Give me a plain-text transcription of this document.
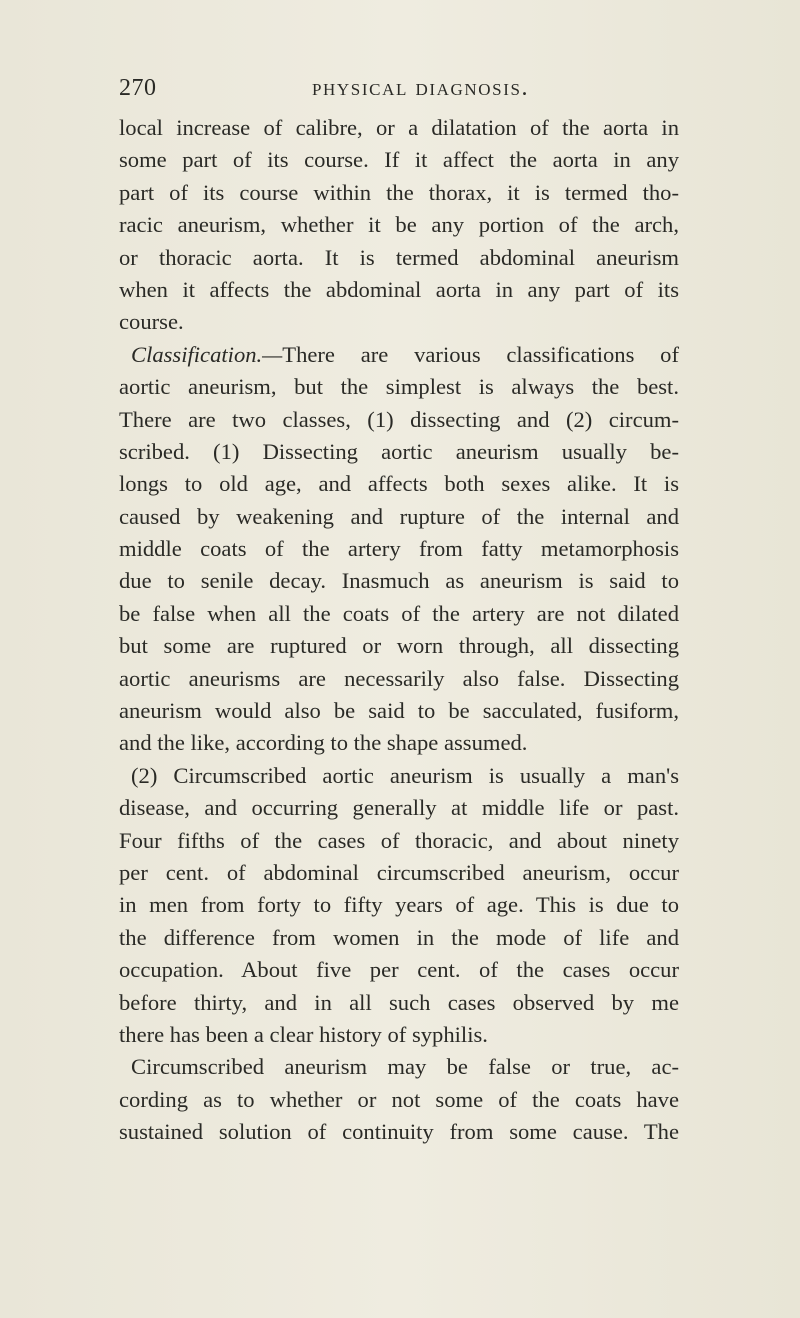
270	physical diagnosis.
local increase of calibre, or a dilatation of the aorta in
some part of its course. If it affect the aorta in any
part of its course within the thorax, it is termed tho-
racic aneurism, whether it be any portion of the arch,
or thoracic aorta. It is termed abdominal aneurism
when it affects the abdominal aorta in any part of its
course.
Classification.—There are various classifications of
aortic aneurism, but the simplest is always the best.
There are two classes, (1) dissecting and (2) circum-
scribed. (1) Dissecting aortic aneurism usually be-
longs to old age, and affects both sexes alike. It is
caused by weakening and rupture of the internal and
middle coats of the artery from fatty metamorphosis
due to senile decay. Inasmuch as aneurism is said to
be false when all the coats of the artery are not dilated
but some are ruptured or worn through, all dissecting
aortic aneurisms are necessarily also false. Dissecting
aneurism would also be said to be sacculated, fusiform,
and the like, according to the shape assumed.
(2) Circumscribed aortic aneurism is usually a man's
disease, and occurring generally at middle life or past.
Four fifths of the cases of thoracic, and about ninety
per cent. of abdominal circumscribed aneurism, occur
in men from forty to fifty years of age. This is due to
the difference from women in the mode of life and
occupation. About five per cent. of the cases occur
before thirty, and in all such cases observed by me
there has been a clear history of syphilis.
Circumscribed aneurism may be false or true, ac-
cording as to whether or not some of the coats have
sustained solution of continuity from some cause. The
